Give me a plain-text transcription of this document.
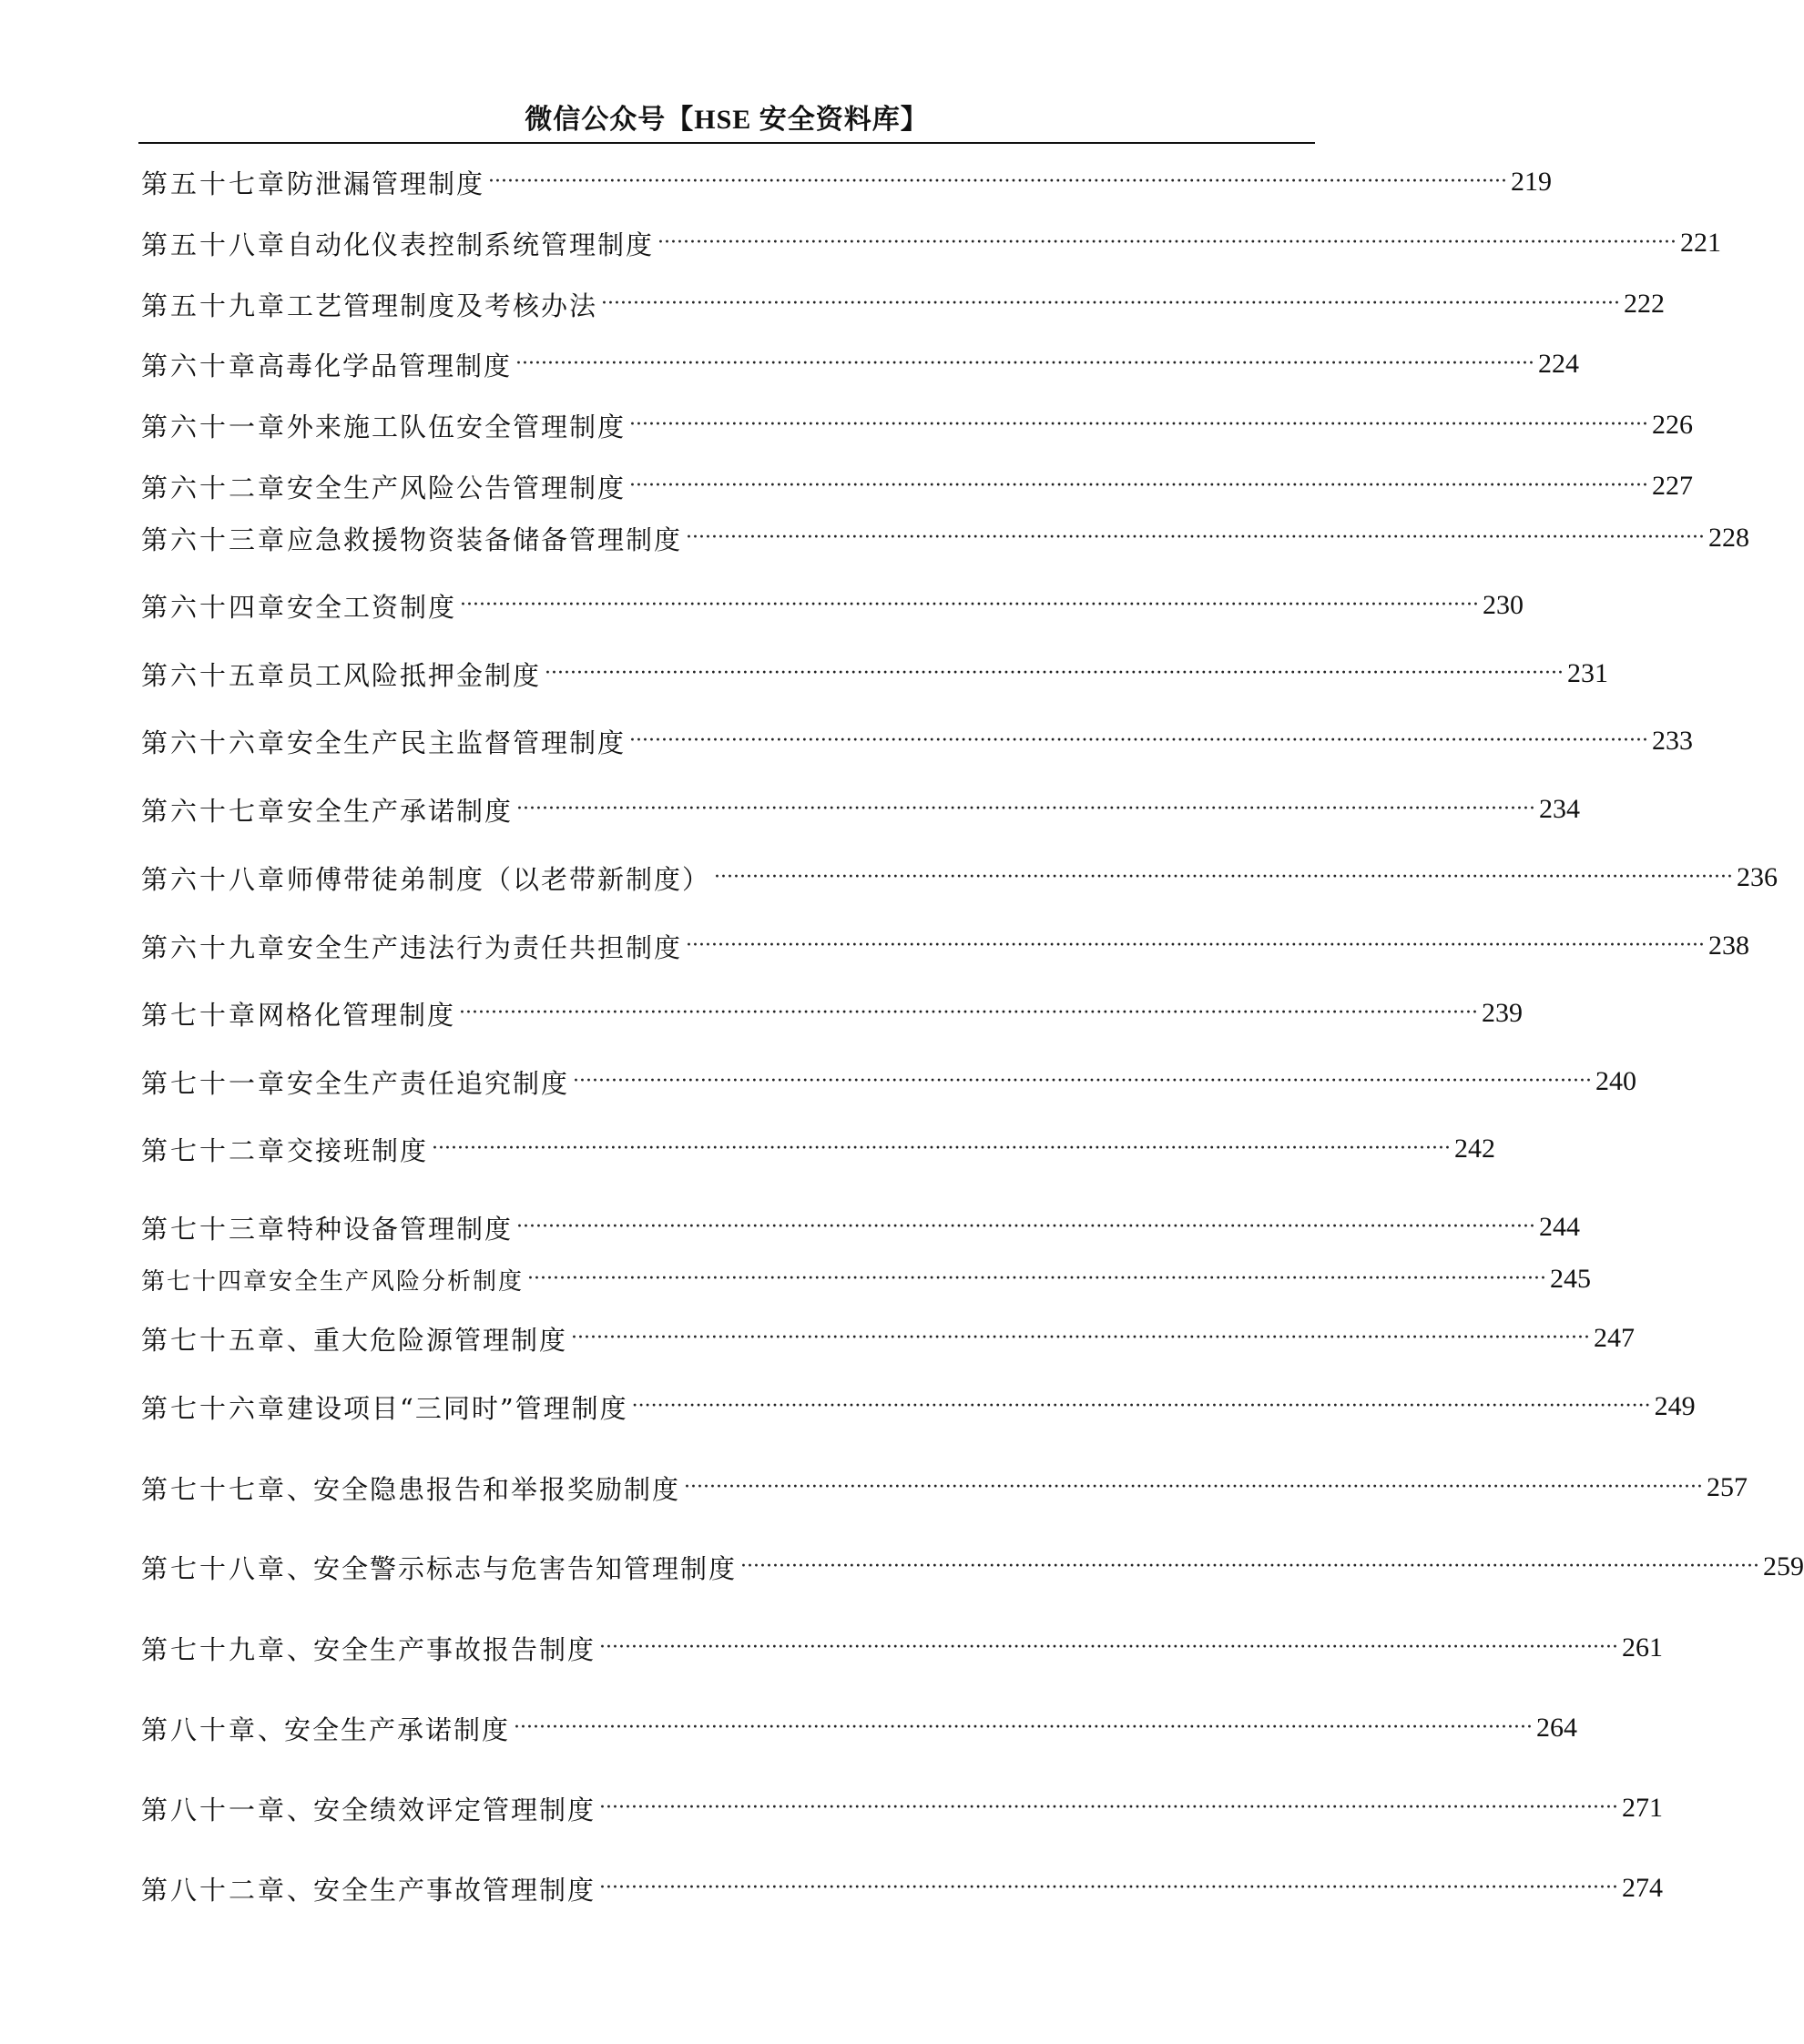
微信公众号【HSE 安全资料库】
第五十七章 防泄漏管理制度 ································································································································································ 219
第五十八章 自动化仪表控制系统管理制度 ································································································································································ 221
第五十九章 工艺管理制度及考核办法 ································································································································································ 222
第六十章 高毒化学品管理制度 ································································································································································ 224
第六十一章 外来施工队伍安全管理制度 ································································································································································ 226
第六十二章 安全生产风险公告管理制度 ································································································································································ 227
第六十三章 应急救援物资装备储备管理制度 ································································································································································ 228
第六十四章 安全工资制度 ································································································································································ 230
第六十五章 员工风险抵押金制度 ································································································································································ 231
第六十六章 安全生产民主监督管理制度 ································································································································································ 233
第六十七章 安全生产承诺制度 ································································································································································ 234
第六十八章 师傅带徒弟制度（以老带新制度） ································································································································································ 236
第六十九章 安全生产违法行为责任共担制度 ································································································································································ 238
第七十章 网格化管理制度 ································································································································································ 239
第七十一章 安全生产责任追究制度 ································································································································································ 240
第七十二章 交接班制度 ································································································································································ 242
第七十三章 特种设备管理制度 ································································································································································ 244
第七十四章 安全生产风险分析制度 ································································································································································ 245
第七十五章 、 重大危险源管理制度 ································································································································································ 247
第七十六章 建设项目“三同时”管理制度 ································································································································································ 249
第七十七章 、 安全隐患报告和举报奖励制度 ································································································································································ 257
第七十八章 、 安全警示标志与危害告知管理制度 ································································································································································ 259
第七十九章 、 安全生产事故报告制度 ································································································································································ 261
第八十章 、 安全生产承诺制度 ································································································································································ 264
第八十一章 、 安全绩效评定管理制度 ································································································································································ 271
第八十二章 、 安全生产事故管理制度 ································································································································································ 274
